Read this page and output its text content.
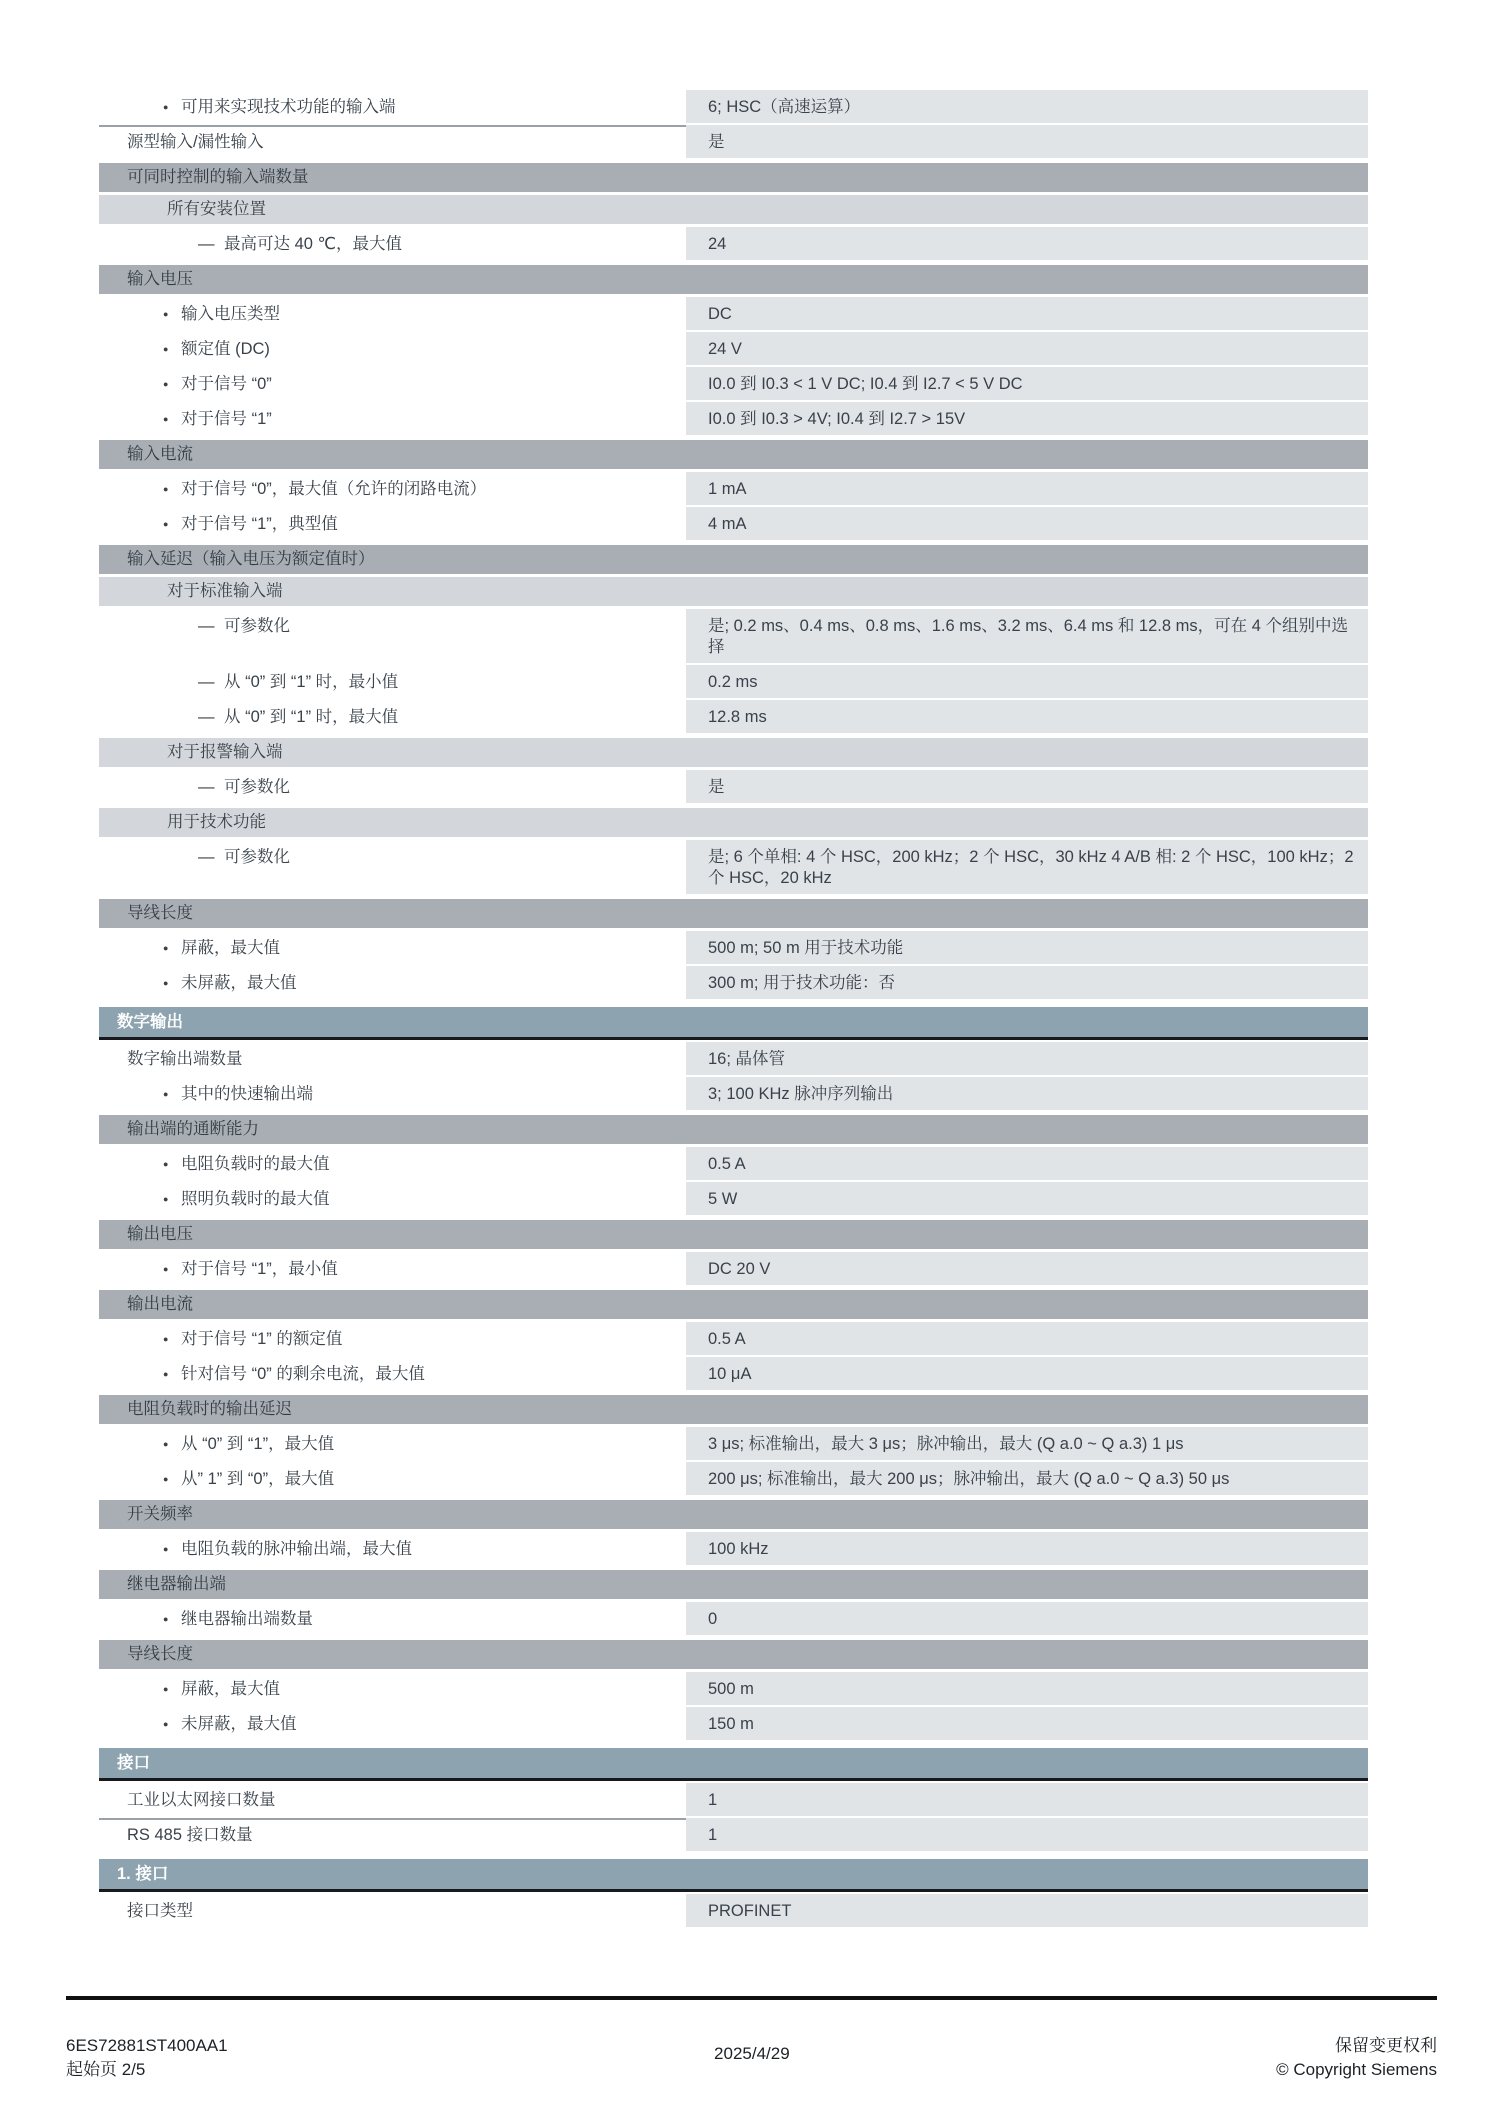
● 可用来实现技术功能的输入端	6; HSC（高速运算）
源型输入/漏性输入	是
可同时控制的输入端数量
所有安装位置
— 最高可达 40 ℃，最大值	24
输入电压
● 输入电压类型	DC
● 额定值 (DC)	24 V
● 对于信号 “0”	I0.0 到 I0.3 < 1 V DC; I0.4 到 I2.7 < 5 V DC
● 对于信号 “1”	I0.0 到 I0.3 > 4V; I0.4 到 I2.7 > 15V
输入电流
● 对于信号 “0”，最大值（允许的闭路电流）	1 mA
● 对于信号 “1”，典型值	4 mA
输入延迟（输入电压为额定值时）
对于标准输入端
— 可参数化	是; 0.2 ms、0.4 ms、0.8 ms、1.6 ms、3.2 ms、6.4 ms 和 12.8 ms，可在 4 个组别中选择
— 从 “0” 到 “1” 时，最小值	0.2 ms
— 从 “0” 到 “1” 时，最大值	12.8 ms
对于报警输入端
— 可参数化	是
用于技术功能
— 可参数化	是; 6 个单相: 4 个 HSC，200 kHz；2 个 HSC，30 kHz 4 A/B 相: 2 个 HSC，100 kHz；2 个 HSC，20 kHz
导线长度
● 屏蔽，最大值	500 m; 50 m 用于技术功能
● 未屏蔽，最大值	300 m; 用于技术功能：否
数字输出
数字输出端数量	16; 晶体管
● 其中的快速输出端	3; 100 KHz 脉冲序列输出
输出端的通断能力
● 电阻负载时的最大值	0.5 A
● 照明负载时的最大值	5 W
输出电压
● 对于信号 “1”，最小值	DC 20 V
输出电流
● 对于信号 “1” 的额定值	0.5 A
● 针对信号 “0” 的剩余电流，最大值	10 μA
电阻负载时的输出延迟
● 从 “0” 到 “1”，最大值	3 μs; 标准输出，最大 3 μs；脉冲输出，最大 (Q a.0 ~ Q a.3) 1 μs
● 从” 1” 到 “0”，最大值	200 μs; 标准输出，最大 200 μs；脉冲输出，最大 (Q a.0 ~ Q a.3) 50 μs
开关频率
● 电阻负载的脉冲输出端，最大值	100 kHz
继电器输出端
● 继电器输出端数量	0
导线长度
● 屏蔽，最大值	500 m
● 未屏蔽，最大值	150 m
接口
工业以太网接口数量	1
RS 485 接口数量	1
1. 接口
接口类型	PROFINET
6ES72881ST400AA1
起始页 2/5
2025/4/29	保留变更权利
© Copyright Siemens
